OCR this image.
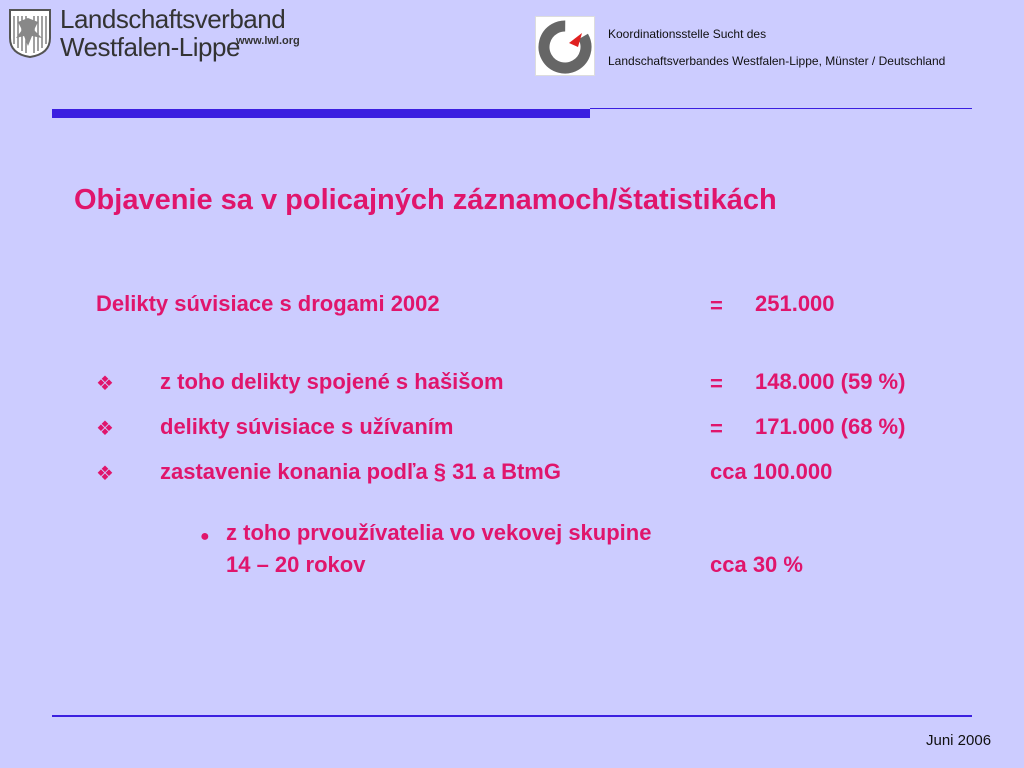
Landschaftsverband
Westfalen-Lippe
www.lwl.org	Koordinationsstelle Sucht des
Landschaftsverbandes Westfalen-Lippe, Münster / Deutschland
Objavenie sa v policajných záznamoch/štatistikách
Delikty súvisiace s drogami 2002	= 251.000
❖ z toho delikty spojené s hašišom	= 148.000 (59 %)
❖ delikty súvisiace s užívaním	= 171.000 (68 %)
❖ zastavenie konania podľa § 31 a BtmG	cca 100.000
● z toho prvoužívatelia vo vekovej skupine
14 – 20 rokov	cca 30 %
Juni 2006
